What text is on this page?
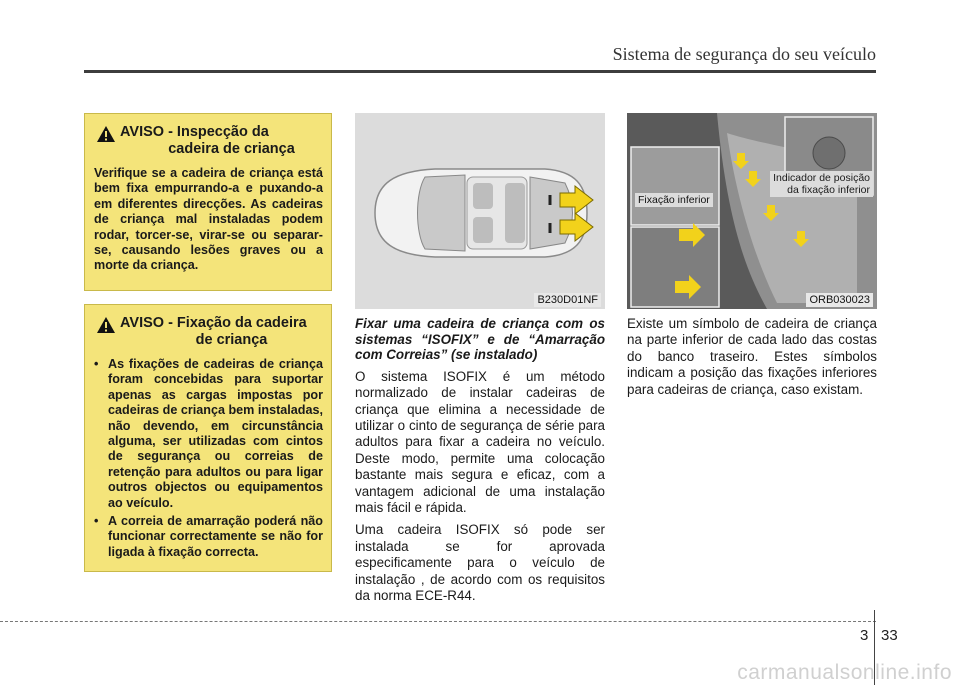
Sistema de segurança do seu veículo
AVISO - Inspecção da
cadeira de criança

Verifique se a cadeira de criança está bem fixa empurrando-a e puxando-a em diferentes direcções. As cadeiras de criança mal instaladas podem rodar, torcer-se, virar-se ou separar-se, causando lesões graves ou a morte da criança.

AVISO - Fixação da cadeira
de criança
• As fixações de cadeiras de criança foram concebidas para suportar apenas as cargas impostas por cadeiras de criança bem instaladas, não devendo, em circunstância alguma, ser utilizadas com cintos de segurança ou correias de retenção para adultos ou para ligar outros objectos ou equipamentos ao veículo.
• A correia de amarração poderá não funcionar correctamente se não for ligada à fixação correcta.
B230D01NF

Fixar uma cadeira de criança com os sistemas “ISOFIX” e de “Amarração com Correias” (se instalado)

O sistema ISOFIX é um método normalizado de instalar cadeiras de criança que elimina a necessidade de utilizar o cinto de segurança de série para adultos para fixar a cadeira no veículo. Deste modo, permite uma colocação bastante mais segura e eficaz, com a vantagem adicional de uma instalação mais fácil e rápida.

Uma cadeira ISOFIX só pode ser instalada se for aprovada especificamente para o veículo de instalação , de acordo com os requisitos da norma ECE-R44.

Fixação inferior
Indicador de posição
da fixação inferior
ORB030023

Existe um símbolo de cadeira de criança na parte inferior de cada lado das costas do banco traseiro. Estes símbolos indicam a posição das fixações inferiores para cadeiras de criança, caso existam.

3 33
carmanualsonline.info
